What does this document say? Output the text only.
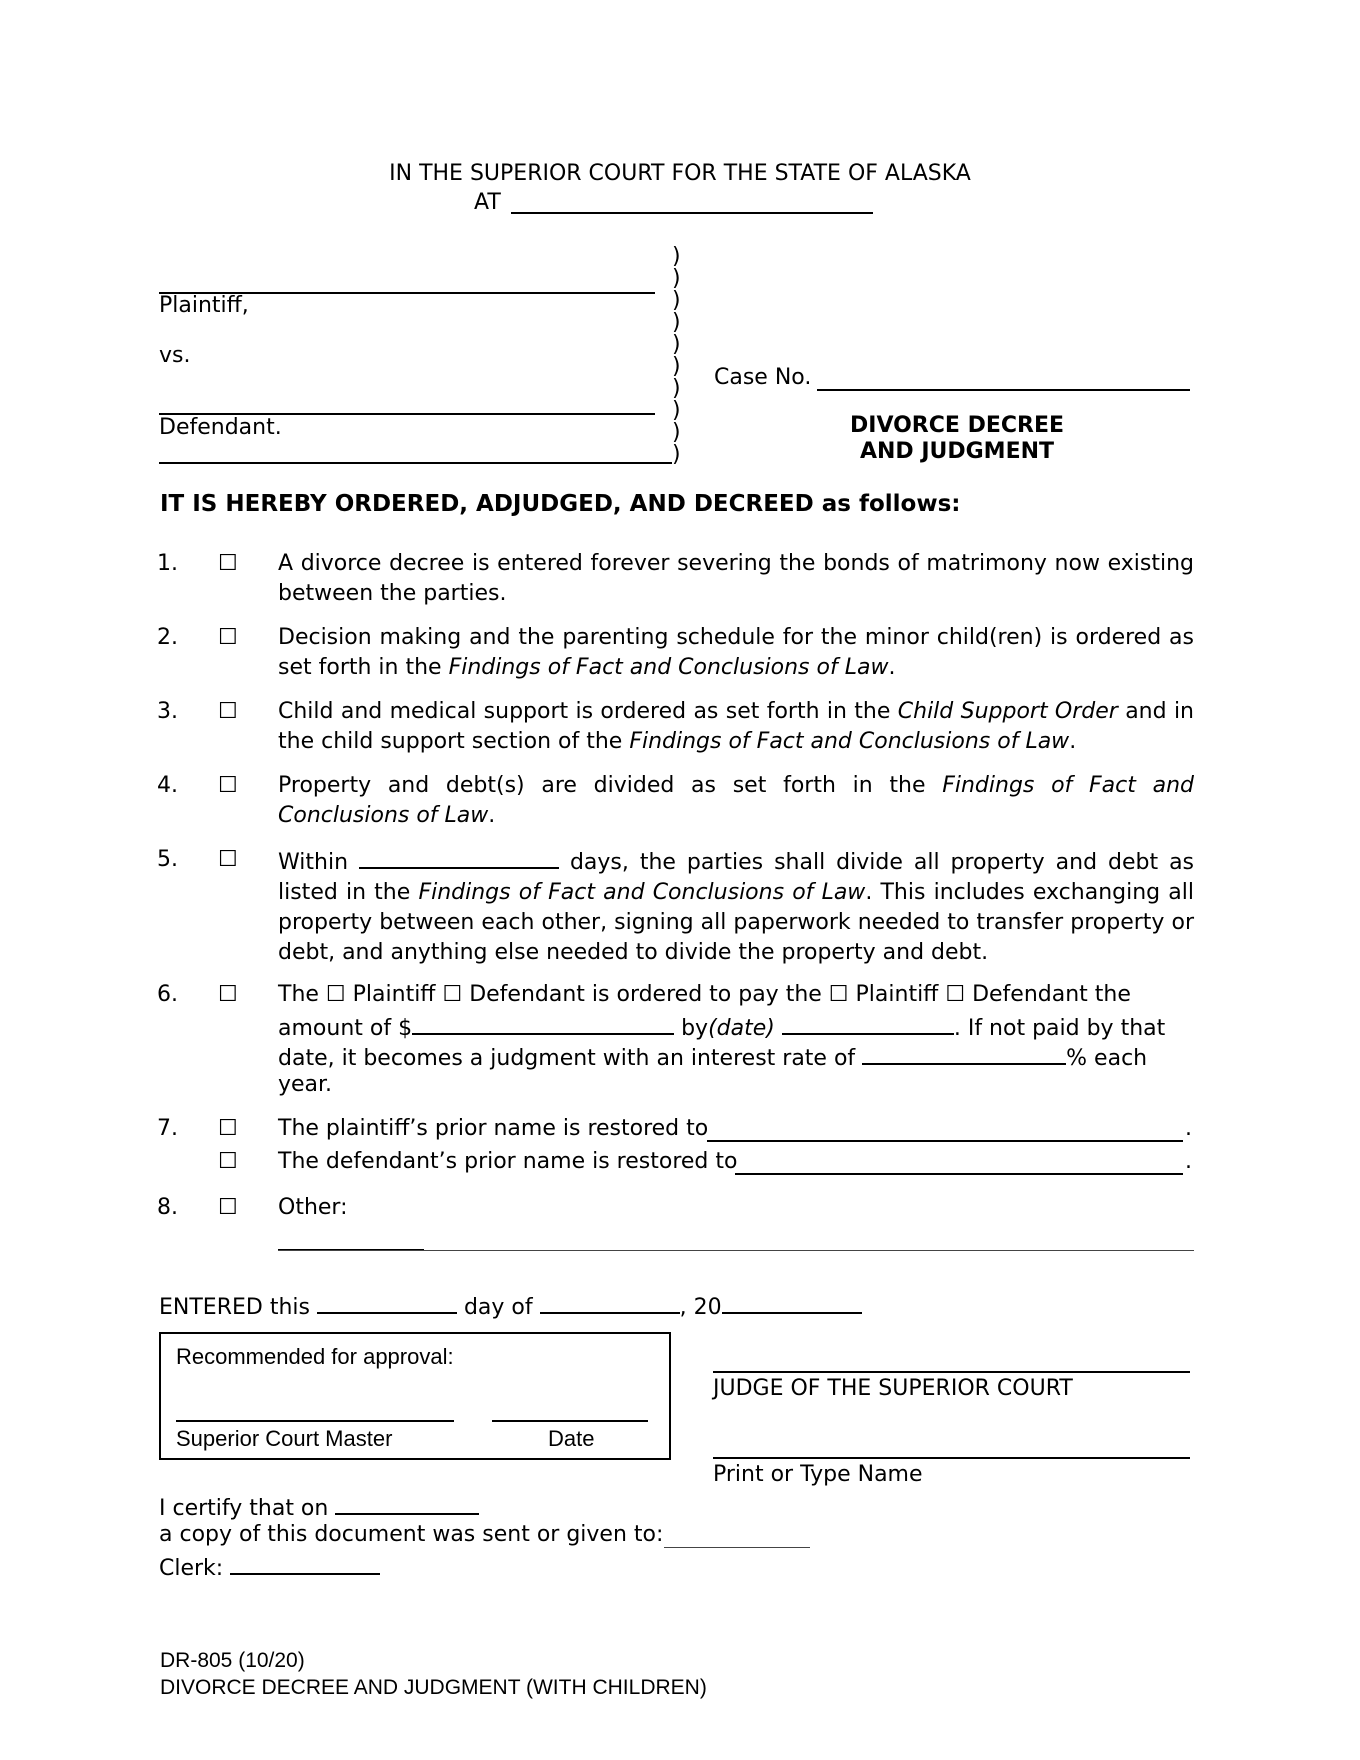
IN THE SUPERIOR COURT FOR THE STATE OF ALASKA
AT
Plaintiff,
vs.
Defendant.
)
)
)
)
)
)
)
)
)
)
Case No.
DIVORCE DECREE
AND JUDGMENT
IT IS HEREBY ORDERED, ADJUDGED, AND DECREED as follows:
1. ☐ A divorce decree is entered forever severing the bonds of matrimony now existing between the parties.
2. ☐ Decision making and the parenting schedule for the minor child(ren) is ordered as set forth in the Findings of Fact and Conclusions of Law.
3. ☐ Child and medical support is ordered as set forth in the Child Support Order and in the child support section of the Findings of Fact and Conclusions of Law.
4. ☐ Property and debt(s) are divided as set forth in the Findings of Fact and Conclusions of Law.
5. ☐ Within	days, the parties shall divide all property and debt as listed in the Findings of Fact and Conclusions of Law. This includes exchanging all property between each other, signing all paperwork needed to transfer property or debt, and anything else needed to divide the property and debt.
6. ☐ The ☐ Plaintiff ☐ Defendant is ordered to pay the ☐ Plaintiff ☐ Defendant the
amount of $	by(date)	. If not paid by that
date, it becomes a judgment with an interest rate of	% each
year.
7. ☐ The plaintiff’s prior name is restored to	.
☐ The defendant’s prior name is restored to	.
8. ☐ Other:
ENTERED this	day of	, 20
Recommended for approval:
Superior Court Master	Date
JUDGE OF THE SUPERIOR COURT
Print or Type Name
I certify that on
a copy of this document was sent or given to:
Clerk:
DR-805 (10/20)
DIVORCE DECREE AND JUDGMENT (WITH CHILDREN)
